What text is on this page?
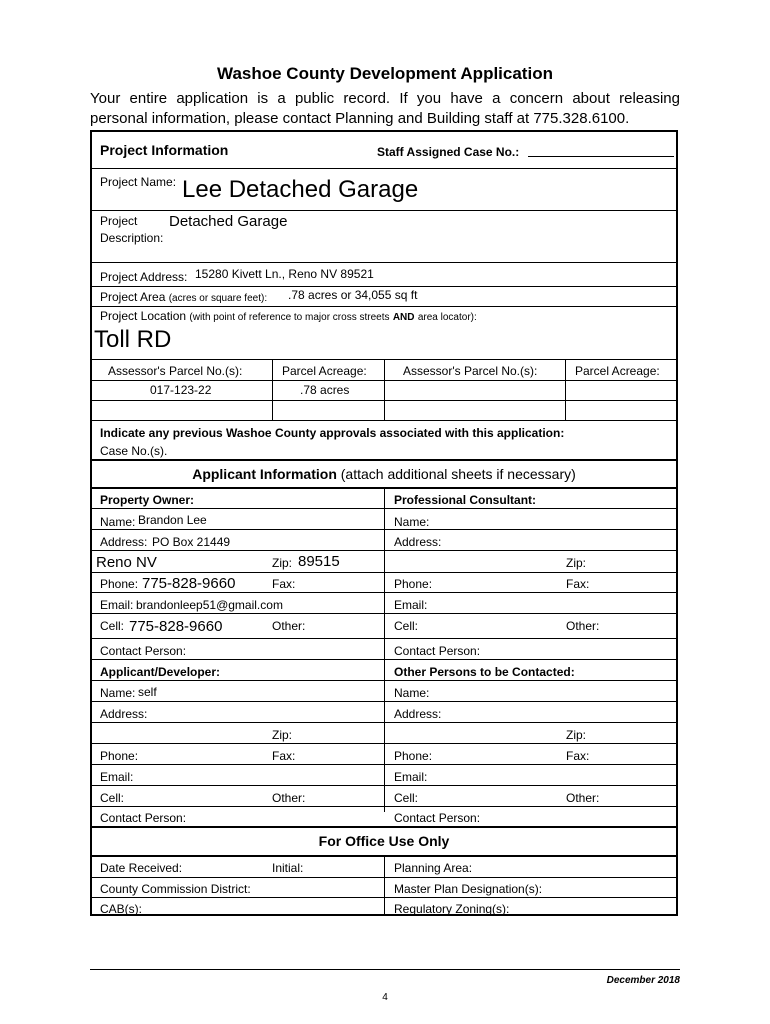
Washoe County Development Application
Your entire application is a public record. If you have a concern about releasing
personal information, please contact Planning and Building staff at 775.328.6100.
Project Information	Staff Assigned Case No.:
Project Name: Lee Detached Garage
Project
Description:
Detached Garage
Project Address: 15280 Kivett Ln., Reno NV 89521
Project Area (acres or square feet): .78 acres or 34,055 sq ft
Project Location (with point of reference to major cross streets AND area locator):
Toll RD
Assessor's Parcel No.(s):	Parcel Acreage:	Assessor's Parcel No.(s):	Parcel Acreage:
017-123-22	.78 acres
Indicate any previous Washoe County approvals associated with this application:
Case No.(s).
Applicant Information (attach additional sheets if necessary)
Property Owner:
Name: Brandon Lee
Address: PO Box 21449
Reno NV	Zip: 89515
Phone: 775-828-9660	Fax:
Email: brandonleep51@gmail.com
Cell: 775-828-9660	Other:
Contact Person:
Professional Consultant:
Name:
Address:
Zip:
Phone:	Fax:
Email:
Cell:	Other:
Contact Person:
Applicant/Developer:
Name: self
Address:
Zip:
Phone:	Fax:
Email:
Cell:	Other:
Contact Person:
Other Persons to be Contacted:
Name:
Address:
Zip:
Phone:	Fax:
Email:
Cell:	Other:
Contact Person:
For Office Use Only
Date Received:	Initial:	Planning Area:
County Commission District:	Master Plan Designation(s):
CAB(s):	Regulatory Zoning(s):
December 2018
4
